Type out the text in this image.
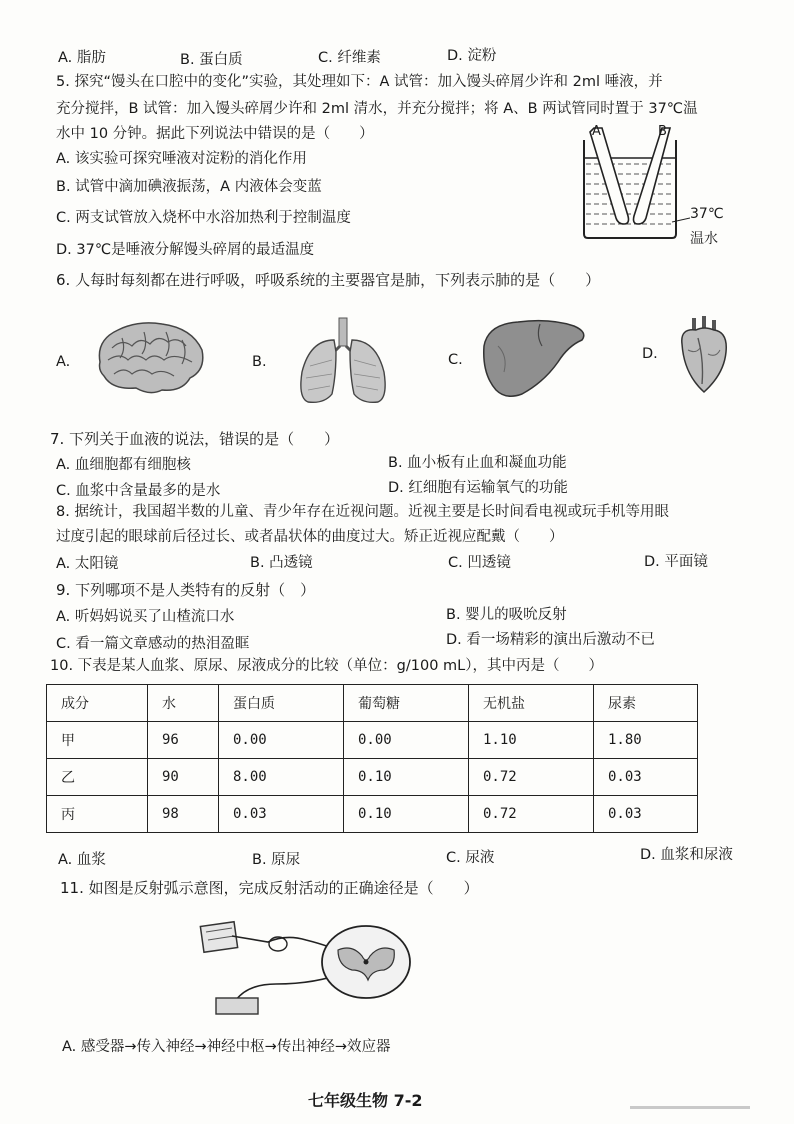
A. 脂肪	B. 蛋白质	C. 纤维素	D. 淀粉
5. 探究“馒头在口腔中的变化”实验，其处理如下：A 试管：加入馒头碎屑少许和 2ml 唾液，并
充分搅拌，B 试管：加入馒头碎屑少许和 2ml 清水，并充分搅拌；将 A、B 两试管同时置于 37℃温
水中 10 分钟。据此下列说法中错误的是（　　）
A. 该实验可探究唾液对淀粉的消化作用
B. 试管中滴加碘液振荡，A 内液体会变蓝
C. 两支试管放入烧杯中水浴加热利于控制温度
D. 37℃是唾液分解馒头碎屑的最适温度
A	B
37℃
温水
6. 人每时每刻都在进行呼吸，呼吸系统的主要器官是肺，下列表示肺的是（　　）
A.	B.	C.	D.
7. 下列关于血液的说法，错误的是（　　）
A. 血细胞都有细胞核	B. 血小板有止血和凝血功能
C. 血浆中含量最多的是水	D. 红细胞有运输氧气的功能
8. 据统计，我国超半数的儿童、青少年存在近视问题。近视主要是长时间看电视或玩手机等用眼
过度引起的眼球前后径过长、或者晶状体的曲度过大。矫正近视应配戴（　　）
A. 太阳镜	B. 凸透镜	C. 凹透镜	D. 平面镜
9. 下列哪项不是人类特有的反射（　）
A. 听妈妈说买了山楂流口水	B. 婴儿的吸吮反射
C. 看一篇文章感动的热泪盈眶	D. 看一场精彩的演出后激动不已
10. 下表是某人血浆、原尿、尿液成分的比较（单位：g/100 mL），其中丙是（　　）
成分	水	蛋白质	葡萄糖	无机盐	尿素
甲	96	0.00	0.00	1.10	1.80
乙	90	8.00	0.10	0.72	0.03
丙	98	0.03	0.10	0.72	0.03
A. 血浆	B. 原尿	C. 尿液	D. 血浆和尿液
11. 如图是反射弧示意图，完成反射活动的正确途径是（　　）
A. 感受器→传入神经→神经中枢→传出神经→效应器
七年级生物 7-2
